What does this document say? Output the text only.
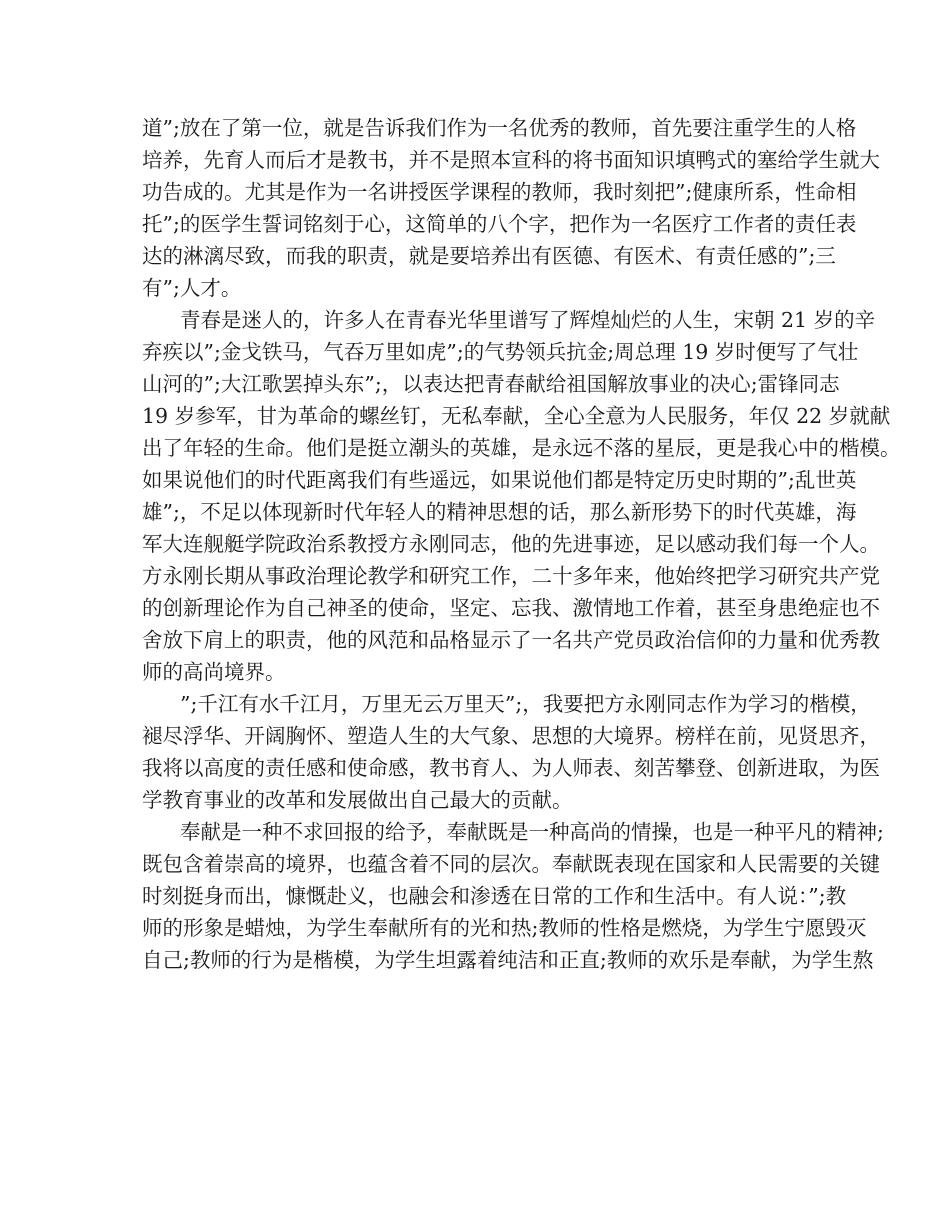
道”;放在了第一位，就是告诉我们作为一名优秀的教师，首先要注重学生的人格
培养，先育人而后才是教书，并不是照本宣科的将书面知识填鸭式的塞给学生就大
功告成的。尤其是作为一名讲授医学课程的教师，我时刻把”;健康所系，性命相
托”;的医学生誓词铭刻于心，这简单的八个字，把作为一名医疗工作者的责任表
达的淋漓尽致，而我的职责，就是要培养出有医德、有医术、有责任感的”;三
有”;人才。
青春是迷人的，许多人在青春光华里谱写了辉煌灿烂的人生，宋朝 21 岁的辛
弃疾以”;金戈铁马，气吞万里如虎”;的气势领兵抗金;周总理 19 岁时便写了气壮
山河的”;大江歌罢掉头东”;，以表达把青春献给祖国解放事业的决心;雷锋同志
19 岁参军，甘为革命的螺丝钉，无私奉献，全心全意为人民服务，年仅 22 岁就献
出了年轻的生命。他们是挺立潮头的英雄，是永远不落的星辰，更是我心中的楷模。
如果说他们的时代距离我们有些遥远，如果说他们都是特定历史时期的”;乱世英
雄”;，不足以体现新时代年轻人的精神思想的话，那么新形势下的时代英雄，海
军大连舰艇学院政治系教授方永刚同志，他的先进事迹，足以感动我们每一个人。
方永刚长期从事政治理论教学和研究工作，二十多年来，他始终把学习研究共产党
的创新理论作为自己神圣的使命，坚定、忘我、激情地工作着，甚至身患绝症也不
舍放下肩上的职责，他的风范和品格显示了一名共产党员政治信仰的力量和优秀教
师的高尚境界。
”;千江有水千江月，万里无云万里天”;，我要把方永刚同志作为学习的楷模，
褪尽浮华、开阔胸怀、塑造人生的大气象、思想的大境界。榜样在前，见贤思齐，
我将以高度的责任感和使命感，教书育人、为人师表、刻苦攀登、创新进取，为医
学教育事业的改革和发展做出自己最大的贡献。
奉献是一种不求回报的给予，奉献既是一种高尚的情操，也是一种平凡的精神;
既包含着崇高的境界，也蕴含着不同的层次。奉献既表现在国家和人民需要的关键
时刻挺身而出，慷慨赴义，也融会和渗透在日常的工作和生活中。有人说：”;教
师的形象是蜡烛，为学生奉献所有的光和热;教师的性格是燃烧，为学生宁愿毁灭
自己;教师的行为是楷模，为学生坦露着纯洁和正直;教师的欢乐是奉献，为学生熬
